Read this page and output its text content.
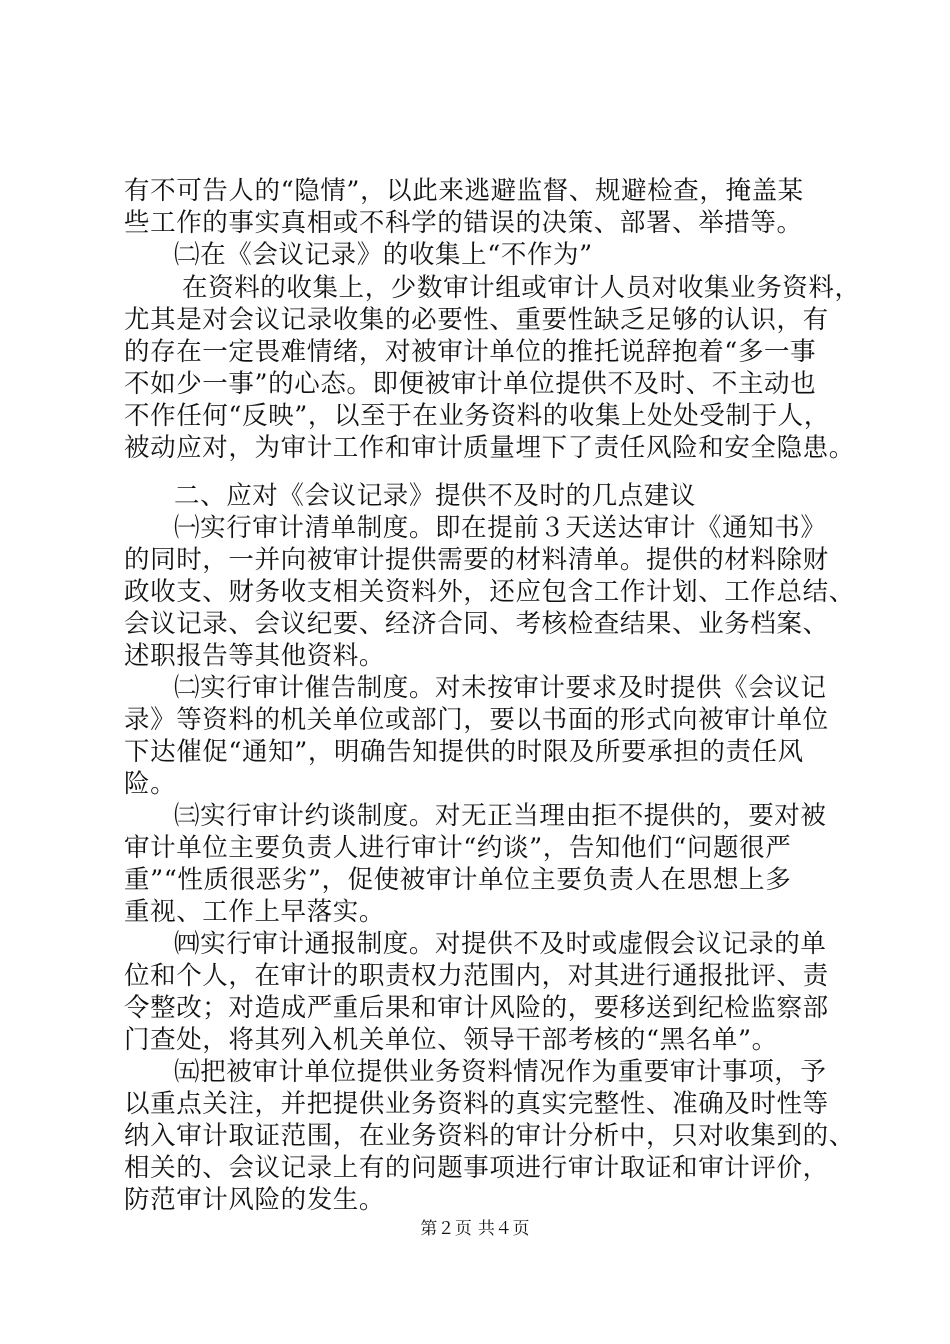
有不可告人的“隐情”，以此来逃避监督、规避检查，掩盖某
些工作的事实真相或不科学的错误的决策、部署、举措等。
㈡在《会议记录》的收集上“不作为”
在资料的收集上，少数审计组或审计人员对收集业务资料，
尤其是对会议记录收集的必要性、重要性缺乏足够的认识，有
的存在一定畏难情绪，对被审计单位的推托说辞抱着“多一事
不如少一事”的心态。即便被审计单位提供不及时、不主动也
不作任何“反映”，以至于在业务资料的收集上处处受制于人，
被动应对，为审计工作和审计质量埋下了责任风险和安全隐患。
二、应对《会议记录》提供不及时的几点建议
㈠实行审计清单制度。即在提前３天送达审计《通知书》
的同时，一并向被审计提供需要的材料清单。提供的材料除财
政收支、财务收支相关资料外，还应包含工作计划、工作总结、
会议记录、会议纪要、经济合同、考核检查结果、业务档案、
述职报告等其他资料。
㈡实行审计催告制度。对未按审计要求及时提供《会议记
录》等资料的机关单位或部门，要以书面的形式向被审计单位
下达催促“通知”，明确告知提供的时限及所要承担的责任风
险。
㈢实行审计约谈制度。对无正当理由拒不提供的，要对被
审计单位主要负责人进行审计“约谈”，告知他们“问题很严
重”“性质很恶劣”，促使被审计单位主要负责人在思想上多
重视、工作上早落实。
㈣实行审计通报制度。对提供不及时或虚假会议记录的单
位和个人，在审计的职责权力范围内，对其进行通报批评、责
令整改；对造成严重后果和审计风险的，要移送到纪检监察部
门查处，将其列入机关单位、领导干部考核的“黑名单”。
㈤把被审计单位提供业务资料情况作为重要审计事项，予
以重点关注，并把提供业务资料的真实完整性、准确及时性等
纳入审计取证范围，在业务资料的审计分析中，只对收集到的、
相关的、会议记录上有的问题事项进行审计取证和审计评价，
防范审计风险的发生。
第２页 共４页
